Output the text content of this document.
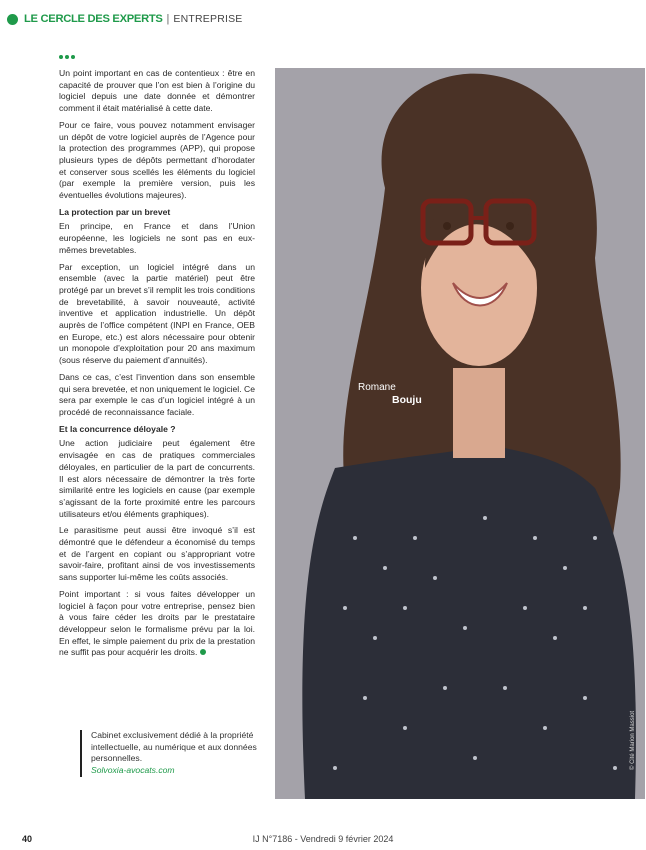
LE CERCLE DES EXPERTS | ENTREPRISE

Un point important en cas de contentieux : être en capacité de prouver que l’on est bien à l’origine du logiciel depuis une date donnée et démontrer comment il était matérialisé à cette date.

Pour ce faire, vous pouvez notamment envisager un dépôt de votre logiciel auprès de l’Agence pour la protection des programmes (APP), qui propose plusieurs types de dépôts permettant d’horodater et conserver sous scellés les éléments du logiciel (par exemple la première version, puis les éventuelles évolutions majeures).

La protection par un brevet

En principe, en France et dans l’Union européenne, les logiciels ne sont pas en eux-mêmes brevetables.

Par exception, un logiciel intégré dans un ensemble (avec la partie matériel) peut être protégé par un brevet s’il remplit les trois conditions de brevetabilité, à savoir nouveauté, activité inventive et application industrielle. Un dépôt auprès de l’office compétent (INPI en France, OEB en Europe, etc.) est alors nécessaire pour obtenir un monopole d’exploitation pour 20 ans maximum (sous réserve du paiement d’annuités).

Dans ce cas, c’est l’invention dans son ensemble qui sera brevetée, et non uniquement le logiciel. Ce sera par exemple le cas d’un logiciel intégré à un procédé de reconnaissance faciale.

Et la concurrence déloyale ?

Une action judiciaire peut également être envisagée en cas de pratiques commerciales déloyales, en particulier de la part de concurrents. Il est alors nécessaire de démontrer la très forte similarité entre les logiciels en cause (par exemple s’agissant de la forte proximité entre les parcours utilisateurs et/ou éléments graphiques).

Le parasitisme peut aussi être invoqué s’il est démontré que le défendeur a économisé du temps et de l’argent en copiant ou s’appropriant votre savoir-faire, profitant ainsi de vos investissements sans supporter lui-même les coûts associés.

Point important : si vous faites développer un logiciel à façon pour votre entreprise, pensez bien à vous faire céder les droits par le prestataire développeur selon le formalisme prévu par la loi. En effet, le simple paiement du prix de la prestation ne suffit pas pour acquérir les droits.

Cabinet exclusivement dédié à la propriété intellectuelle, au numérique et aux données personnelles.
Solvoxia-avocats.com
Romane
Bouju
© Cité Marion Massiot
40	IJ N°7186 - Vendredi 9 février 2024
